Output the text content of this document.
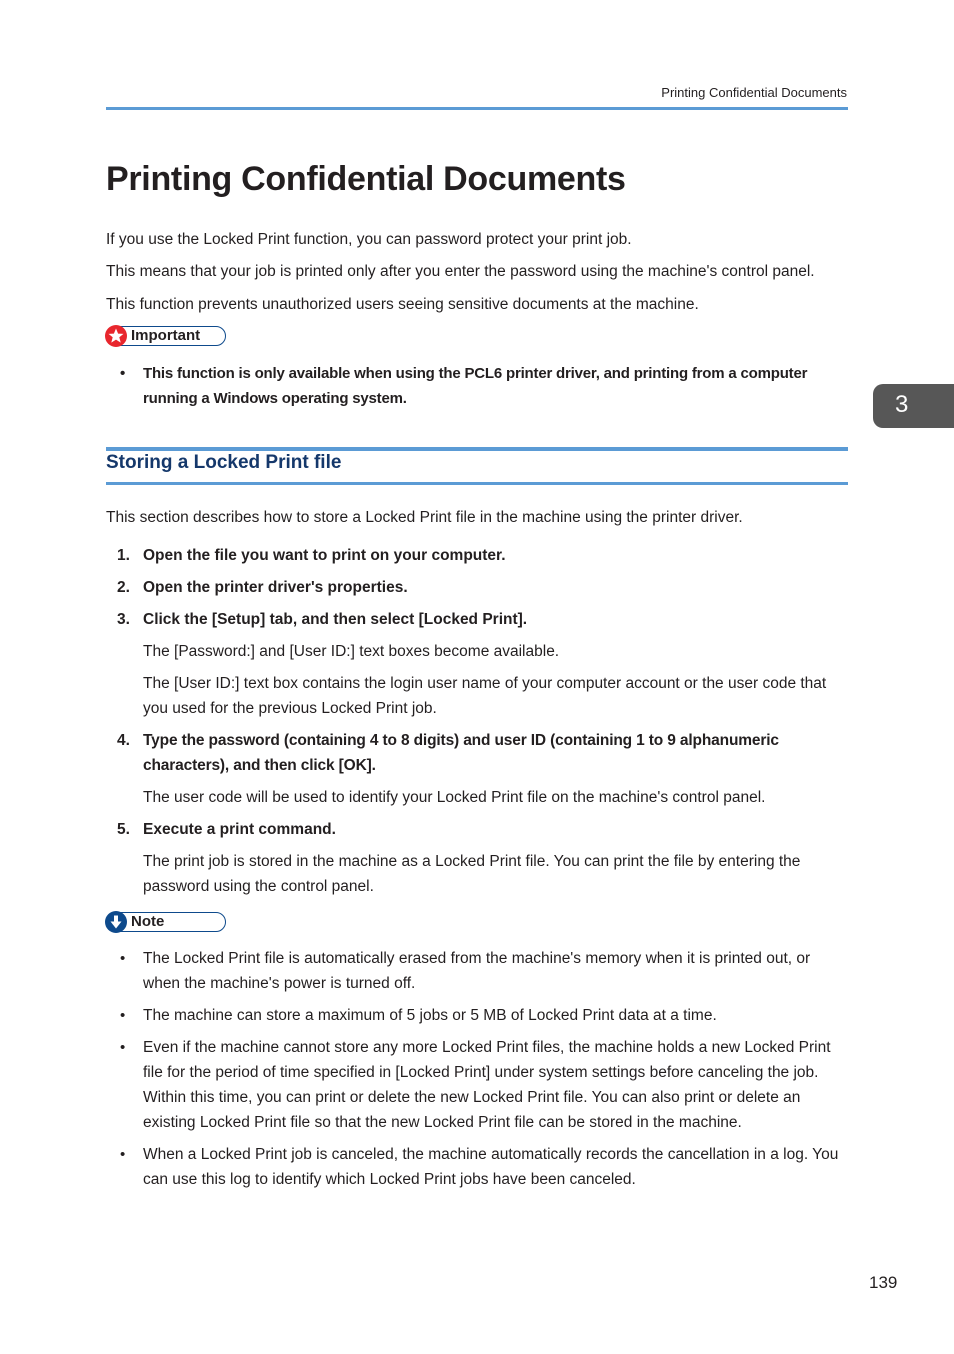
Printing Confidential Documents
Printing Confidential Documents

If you use the Locked Print function, you can password protect your print job.

This means that your job is printed only after you enter the password using the machine's control panel.

This function prevents unauthorized users seeing sensitive documents at the machine.

Important
• This function is only available when using the PCL6 printer driver, and printing from a computer running a Windows operating system.
Storing a Locked Print file

This section describes how to store a Locked Print file in the machine using the printer driver.

1. Open the file you want to print on your computer.

2. Open the printer driver's properties.

3. Click the [Setup] tab, and then select [Locked Print].

The [Password:] and [User ID:] text boxes become available.

The [User ID:] text box contains the login user name of your computer account or the user code that you used for the previous Locked Print job.

4. Type the password (containing 4 to 8 digits) and user ID (containing 1 to 9 alphanumeric characters), and then click [OK].

The user code will be used to identify your Locked Print file on the machine's control panel.

5. Execute a print command.

The print job is stored in the machine as a Locked Print file. You can print the file by entering the password using the control panel.

Note
• The Locked Print file is automatically erased from the machine's memory when it is printed out, or when the machine's power is turned off.
• The machine can store a maximum of 5 jobs or 5 MB of Locked Print data at a time.
• Even if the machine cannot store any more Locked Print files, the machine holds a new Locked Print file for the period of time specified in [Locked Print] under system settings before canceling the job. Within this time, you can print or delete the new Locked Print file. You can also print or delete an existing Locked Print file so that the new Locked Print file can be stored in the machine.
• When a Locked Print job is canceled, the machine automatically records the cancellation in a log. You can use this log to identify which Locked Print jobs have been canceled.
3
139
